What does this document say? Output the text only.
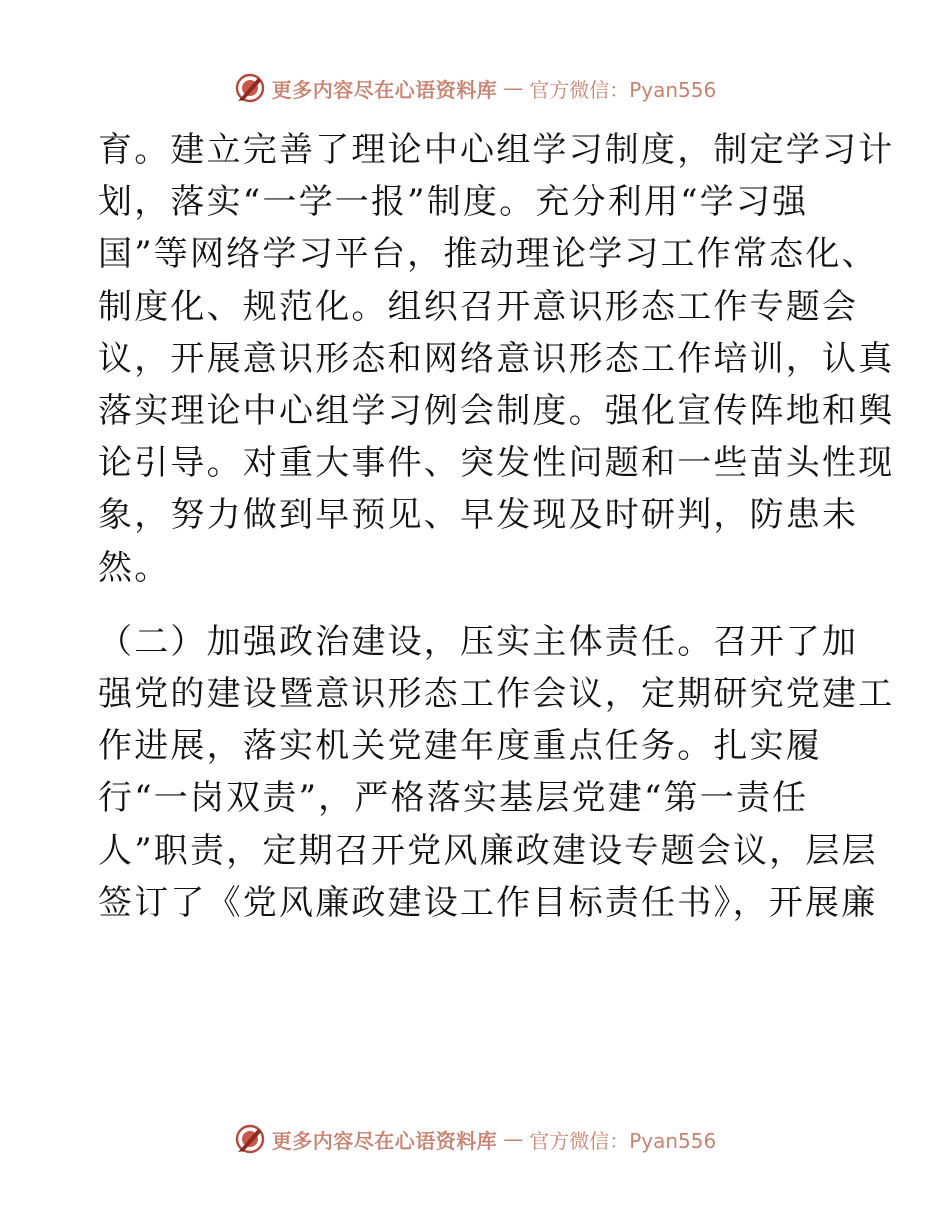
更多内容尽在心语资料库 — 官方微信：Pyan556
育。建立完善了理论中心组学习制度，制定学习计
划，落实“一学一报”制度。充分利用“学习强
国”等网络学习平台，推动理论学习工作常态化、
制度化、规范化。组织召开意识形态工作专题会
议，开展意识形态和网络意识形态工作培训，认真
落实理论中心组学习例会制度。强化宣传阵地和舆
论引导。对重大事件、突发性问题和一些苗头性现
象，努力做到早预见、早发现及时研判，防患未
然。
（二）加强政治建设，压实主体责任。召开了加
强党的建设暨意识形态工作会议，定期研究党建工
作进展，落实机关党建年度重点任务。扎实履
行“一岗双责”，严格落实基层党建“第一责任
人”职责，定期召开党风廉政建设专题会议，层层
签订了《党风廉政建设工作目标责任书》，开展廉
更多内容尽在心语资料库 — 官方微信：Pyan556
